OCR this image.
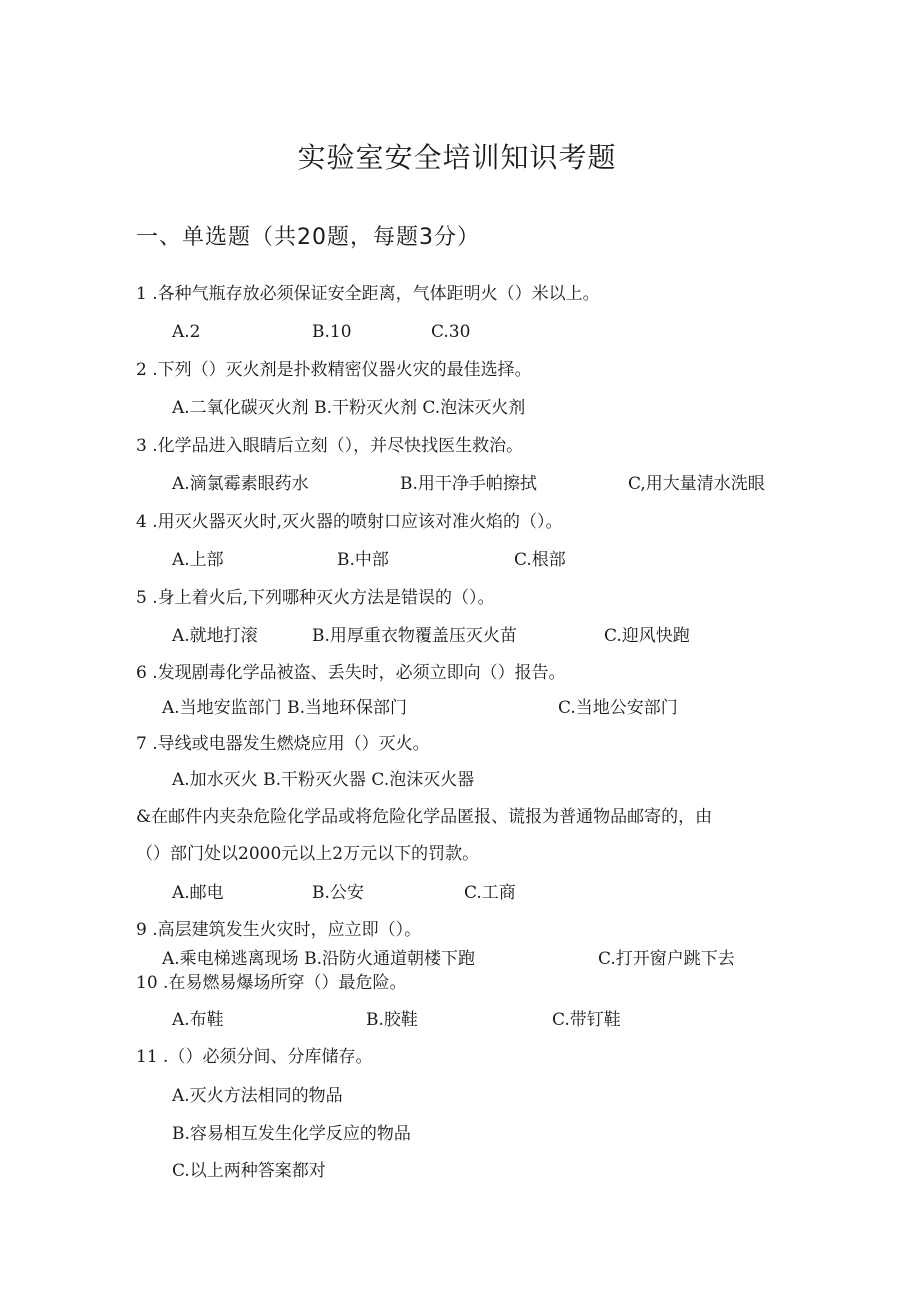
实验室安全培训知识考题
一、单选题（共20题，每题3分）
1 .各种气瓶存放必须保证安全距离，气体距明火（）米以上。
A.2	B.10	C.30
2 .下列（）灭火剂是扑救精密仪器火灾的最佳选择。
A.二氧化碳灭火剂 B.干粉灭火剂 C.泡沫灭火剂
3 .化学品进入眼睛后立刻（），并尽快找医生救治。
A.滴氯霉素眼药水	B.用干净手帕擦拭	C,用大量清水洗眼
4 .用灭火器灭火时,灭火器的喷射口应该对准火焰的（）。
A.上部	B.中部	C.根部
5 .身上着火后,下列哪种灭火方法是错误的（）。
A.就地打滚	B.用厚重衣物覆盖压灭火苗	C.迎风快跑
6 .发现剧毒化学品被盗、丢失时，必须立即向（）报告。
A.当地安监部门 B.当地环保部门	C.当地公安部门
7 .导线或电器发生燃烧应用（）灭火。
A.加水灭火 B.干粉灭火器 C.泡沫灭火器
&在邮件内夹杂危险化学品或将危险化学品匿报、谎报为普通物品邮寄的，由
（）部门处以2000元以上2万元以下的罚款。
A.邮电	B.公安	C.工商
9 .高层建筑发生火灾时，应立即（）。
A.乘电梯逃离现场 B.沿防火通道朝楼下跑	C.打开窗户跳下去
10 .在易燃易爆场所穿（）最危险。
A.布鞋	B.胶鞋	C.带钉鞋
11 .（）必须分间、分库储存。
A.灭火方法相同的物品
B.容易相互发生化学反应的物品
C.以上两种答案都对
